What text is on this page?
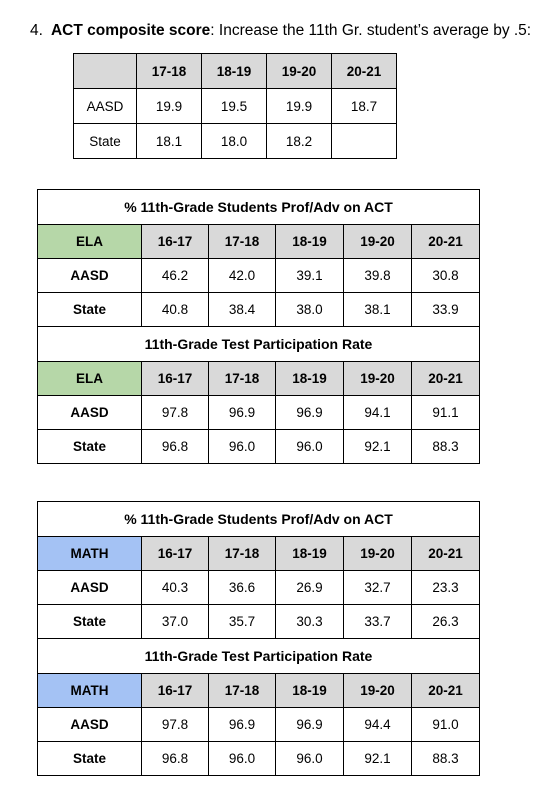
4. ACT composite score: Increase the 11th Gr. student’s average by .5:
	17-18	18-19	19-20	20-21
AASD	19.9	19.5	19.9	18.7
State	18.1	18.0	18.2	
% 11th-Grade Students Prof/Adv on ACT					
ELA	16-17	17-18	18-19	19-20	20-21
AASD	46.2	42.0	39.1	39.8	30.8
State	40.8	38.4	38.0	38.1	33.9
11th-Grade Test Participation Rate					
ELA	16-17	17-18	18-19	19-20	20-21
AASD	97.8	96.9	96.9	94.1	91.1
State	96.8	96.0	96.0	92.1	88.3
% 11th-Grade Students Prof/Adv on ACT					
MATH	16-17	17-18	18-19	19-20	20-21
AASD	40.3	36.6	26.9	32.7	23.3
State	37.0	35.7	30.3	33.7	26.3
11th-Grade Test Participation Rate					
MATH	16-17	17-18	18-19	19-20	20-21
AASD	97.8	96.9	96.9	94.4	91.0
State	96.8	96.0	96.0	92.1	88.3
